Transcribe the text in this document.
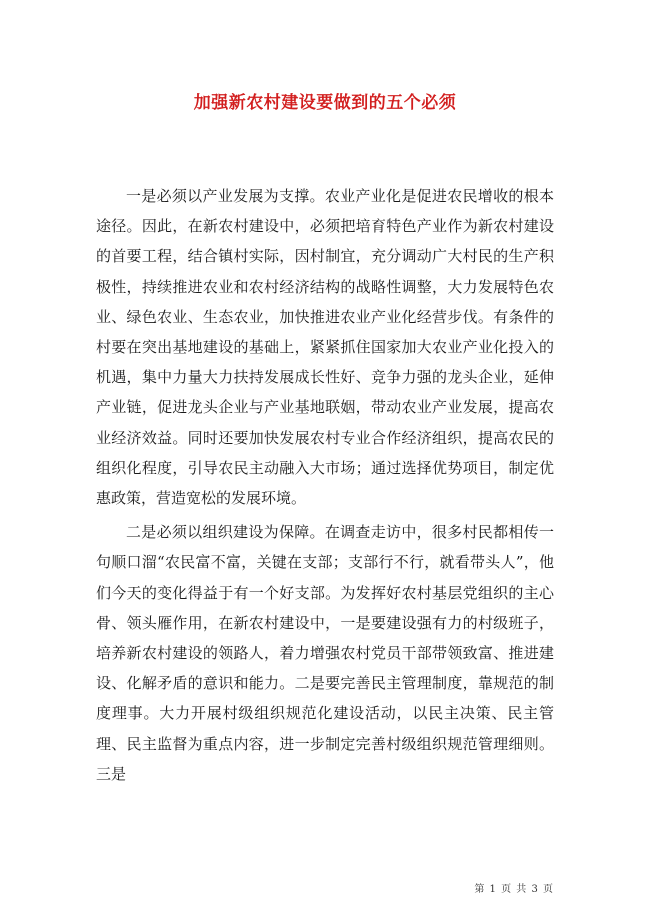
加强新农村建设要做到的五个必须

一是必须以产业发展为支撑。农业产业化是促进农民增收的根本途径。因此，在新农村建设中，必须把培育特色产业作为新农村建设的首要工程，结合镇村实际，因村制宜，充分调动广大村民的生产积极性，持续推进农业和农村经济结构的战略性调整，大力发展特色农业、绿色农业、生态农业，加快推进农业产业化经营步伐。有条件的村要在突出基地建设的基础上，紧紧抓住国家加大农业产业化投入的机遇，集中力量大力扶持发展成长性好、竞争力强的龙头企业，延伸产业链，促进龙头企业与产业基地联姻，带动农业产业发展，提高农业经济效益。同时还要加快发展农村专业合作经济组织，提高农民的组织化程度，引导农民主动融入大市场；通过选择优势项目，制定优惠政策，营造宽松的发展环境。

二是必须以组织建设为保障。在调查走访中，很多村民都相传一句顺口溜“农民富不富，关键在支部；支部行不行，就看带头人”，他们今天的变化得益于有一个好支部。为发挥好农村基层党组织的主心骨、领头雁作用，在新农村建设中，一是要建设强有力的村级班子，培养新农村建设的领路人，着力增强农村党员干部带领致富、推进建设、化解矛盾的意识和能力。二是要完善民主管理制度，靠规范的制度理事。大力开展村级组织规范化建设活动，以民主决策、民主管理、民主监督为重点内容，进一步制定完善村级组织规范管理细则。三是

第 1 页 共 3 页
